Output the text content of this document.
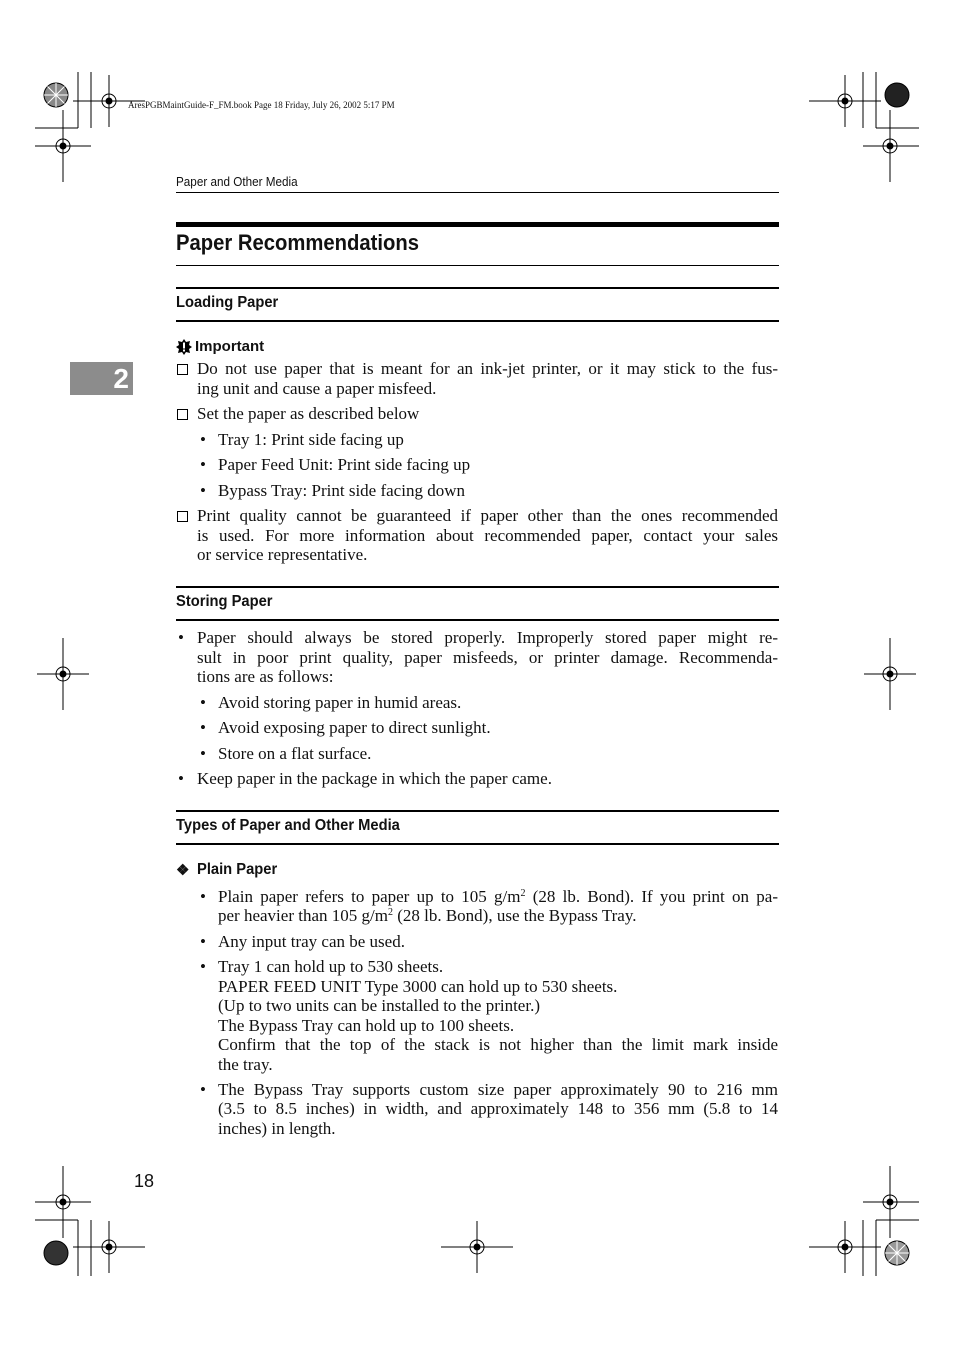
AresPGBMaintGuide-F_FM.book Page 18 Friday, July 26, 2002 5:17 PM
Paper and Other Media
2
Paper Recommendations
Loading Paper
Important
Do not use paper that is meant for an ink-jet printer, or it may stick to the fus-
ing unit and cause a paper misfeed.
Set the paper as described below
• Tray 1: Print side facing up
• Paper Feed Unit: Print side facing up
• Bypass Tray: Print side facing down
Print quality cannot be guaranteed if paper other than the ones recommended
is used. For more information about recommended paper, contact your sales
or service representative.
Storing Paper
• Paper should always be stored properly. Improperly stored paper might re-
sult in poor print quality, paper misfeeds, or printer damage. Recommenda-
tions are as follows:
• Avoid storing paper in humid areas.
• Avoid exposing paper to direct sunlight.
• Store on a flat surface.
• Keep paper in the package in which the paper came.
Types of Paper and Other Media
❖ Plain Paper
• Plain paper refers to paper up to 105 $g/m^2$ (28 lb. Bond). If you print on pa-
per heavier than 105 $g/m^2$ (28 lb. Bond), use the Bypass Tray.
• Any input tray can be used.
• Tray 1 can hold up to 530 sheets.
PAPER FEED UNIT Type 3000 can hold up to 530 sheets.
(Up to two units can be installed to the printer.)
The Bypass Tray can hold up to 100 sheets.
Confirm that the top of the stack is not higher than the limit mark inside
the tray.
• The Bypass Tray supports custom size paper approximately 90 to 216 mm
(3.5 to 8.5 inches) in width, and approximately 148 to 356 mm (5.8 to 14
inches) in length.
18
